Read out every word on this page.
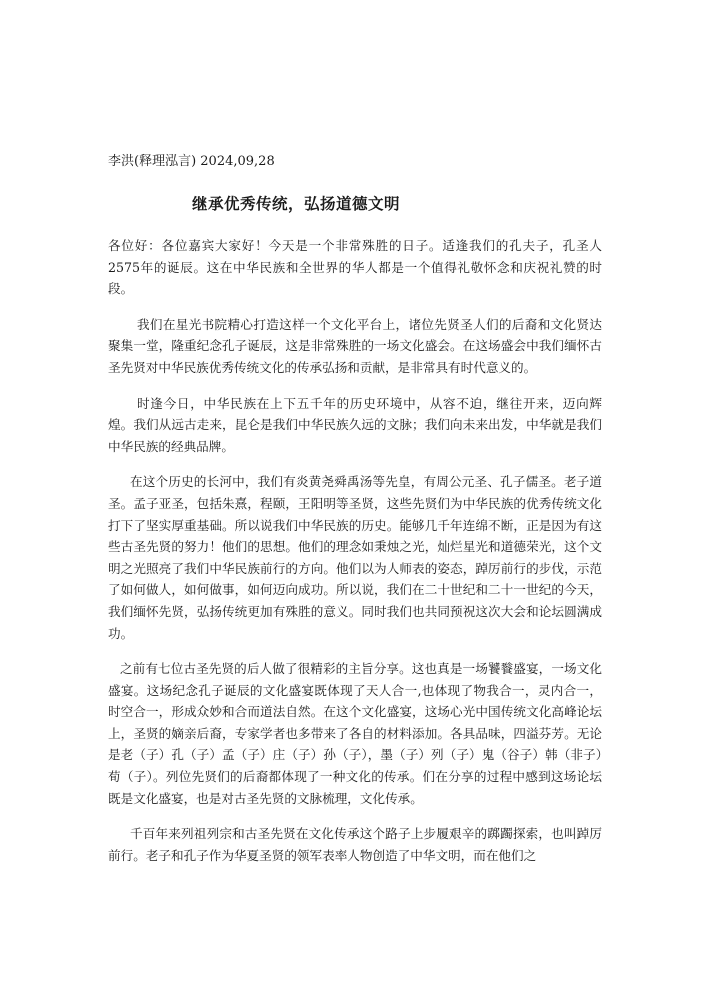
李洪(释理泓言) 2024,09,28
继承优秀传统，弘扬道德文明

各位好：各位嘉宾大家好！今天是一个非常殊胜的日子。适逢我们的孔夫子，孔圣人2575年的诞辰。这在中华民族和全世界的华人都是一个值得礼敬怀念和庆祝礼赞的时段。

我们在星光书院精心打造这样一个文化平台上，诸位先贤圣人们的后裔和文化贤达聚集一堂，隆重纪念孔子诞辰，这是非常殊胜的一场文化盛会。在这场盛会中我们缅怀古圣先贤对中华民族优秀传统文化的传承弘扬和贡献，是非常具有时代意义的。

时逢今日，中华民族在上下五千年的历史环境中，从容不迫，继往开来，迈向辉煌。我们从远古走来，昆仑是我们中华民族久远的文脉；我们向未来出发，中华就是我们中华民族的经典品牌。

在这个历史的长河中，我们有炎黄尧舜禹汤等先皇，有周公元圣、孔子儒圣。老子道圣。孟子亚圣，包括朱熹，程颐，王阳明等圣贤，这些先贤们为中华民族的优秀传统文化打下了坚实厚重基础。所以说我们中华民族的历史。能够几千年连绵不断，正是因为有这些古圣先贤的努力！他们的思想。他们的理念如秉烛之光，灿烂星光和道德荣光，这个文明之光照亮了我们中华民族前行的方向。他们以为人师表的姿态，踔厉前行的步伐，示范了如何做人，如何做事，如何迈向成功。所以说，我们在二十世纪和二十一世纪的今天，我们缅怀先贤，弘扬传统更加有殊胜的意义。同时我们也共同预祝这次大会和论坛圆满成功。

之前有七位古圣先贤的后人做了很精彩的主旨分享。这也真是一场饕餮盛宴，一场文化盛宴。这场纪念孔子诞辰的文化盛宴既体现了天人合一,也体现了物我合一，灵内合一，时空合一，形成众妙和合而道法自然。在这个文化盛宴，这场心光中国传统文化高峰论坛上，圣贤的嫡亲后裔，专家学者也多带来了各自的材料添加。各具品味，四溢芬芳。无论是老（子）孔（子）孟（子）庄（子）孙（子），墨（子）列（子）鬼（谷子）韩（非子）荀（子）。列位先贤们的后裔都体现了一种文化的传承。们在分享的过程中感到这场论坛既是文化盛宴，也是对古圣先贤的文脉梳理，文化传承。

千百年来列祖列宗和古圣先贤在文化传承这个路子上步履艰辛的踯躅探索，也叫踔厉前行。老子和孔子作为华夏圣贤的领军表率人物创造了中华文明，而在他们之
